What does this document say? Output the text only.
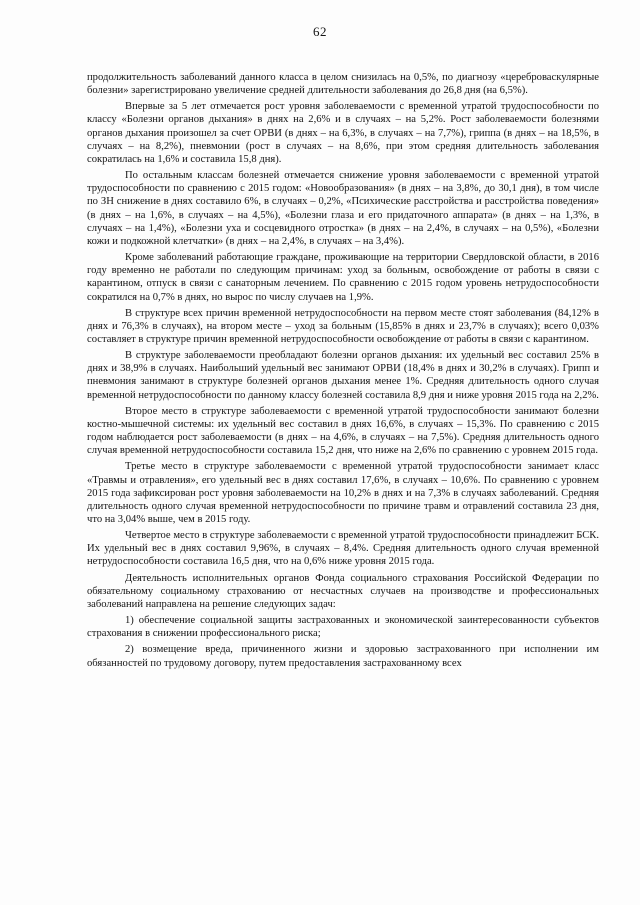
62

продолжительность заболеваний данного класса в целом снизилась на 0,5%, по диагнозу «цереброваскулярные болезни» зарегистрировано увеличение средней длительности заболевания до 26,8 дня (на 6,5%).

Впервые за 5 лет отмечается рост уровня заболеваемости с временной утратой трудоспособности по классу «Болезни органов дыхания» в днях на 2,6% и в случаях – на 5,2%. Рост заболеваемости болезнями органов дыхания произошел за счет ОРВИ (в днях – на 6,3%, в случаях – на 7,7%), гриппа (в днях – на 18,5%, в случаях – на 8,2%), пневмонии (рост в случаях – на 8,6%, при этом средняя длительность заболевания сократилась на 1,6% и составила 15,8 дня).

По остальным классам болезней отмечается снижение уровня заболеваемости с временной утратой трудоспособности по сравнению с 2015 годом: «Новообразования» (в днях – на 3,8%, до 30,1 дня), в том числе по ЗН снижение в днях составило 6%, в случаях – 0,2%, «Психические расстройства и расстройства поведения» (в днях – на 1,6%, в случаях – на 4,5%), «Болезни глаза и его придаточного аппарата» (в днях – на 1,3%, в случаях – на 1,4%), «Болезни уха и сосцевидного отростка» (в днях – на 2,4%, в случаях – на 0,5%), «Болезни кожи и подкожной клетчатки» (в днях – на 2,4%, в случаях – на 3,4%).

Кроме заболеваний работающие граждане, проживающие на территории Свердловской области, в 2016 году временно не работали по следующим причинам: уход за больным, освобождение от работы в связи с карантином, отпуск в связи с санаторным лечением. По сравнению с 2015 годом уровень нетрудоспособности сократился на 0,7% в днях, но вырос по числу случаев на 1,9%.

В структуре всех причин временной нетрудоспособности на первом месте стоят заболевания (84,12% в днях и 76,3% в случаях), на втором месте – уход за больным (15,85% в днях и 23,7% в случаях); всего 0,03% составляет в структуре причин временной нетрудоспособности освобождение от работы в связи с карантином.

В структуре заболеваемости преобладают болезни органов дыхания: их удельный вес составил 25% в днях и 38,9% в случаях. Наибольший удельный вес занимают ОРВИ (18,4% в днях и 30,2% в случаях). Грипп и пневмония занимают в структуре болезней органов дыхания менее 1%. Средняя длительность одного случая временной нетрудоспособности по данному классу болезней составила 8,9 дня и ниже уровня 2015 года на 2,2%.

Второе место в структуре заболеваемости с временной утратой трудоспособности занимают болезни костно-мышечной системы: их удельный вес составил в днях 16,6%, в случаях – 15,3%. По сравнению с 2015 годом наблюдается рост заболеваемости (в днях – на 4,6%, в случаях – на 7,5%). Средняя длительность одного случая временной нетрудоспособности составила 15,2 дня, что ниже на 2,6% по сравнению с уровнем 2015 года.

Третье место в структуре заболеваемости с временной утратой трудоспособности занимает класс «Травмы и отравления», его удельный вес в днях составил 17,6%, в случаях – 10,6%. По сравнению с уровнем 2015 года зафиксирован рост уровня заболеваемости на 10,2% в днях и на 7,3% в случаях заболеваний. Средняя длительность одного случая временной нетрудоспособности по причине травм и отравлений составила 23 дня, что на 3,04% выше, чем в 2015 году.

Четвертое место в структуре заболеваемости с временной утратой трудоспособности принадлежит БСК. Их удельный вес в днях составил 9,96%, в случаях – 8,4%. Средняя длительность одного случая временной нетрудоспособности составила 16,5 дня, что на 0,6% ниже уровня 2015 года.

Деятельность исполнительных органов Фонда социального страхования Российской Федерации по обязательному социальному страхованию от несчастных случаев на производстве и профессиональных заболеваний направлена на решение следующих задач:

1) обеспечение социальной защиты застрахованных и экономической заинтересованности субъектов страхования в снижении профессионального риска;

2) возмещение вреда, причиненного жизни и здоровью застрахованного при исполнении им обязанностей по трудовому договору, путем предоставления застрахованному всех
